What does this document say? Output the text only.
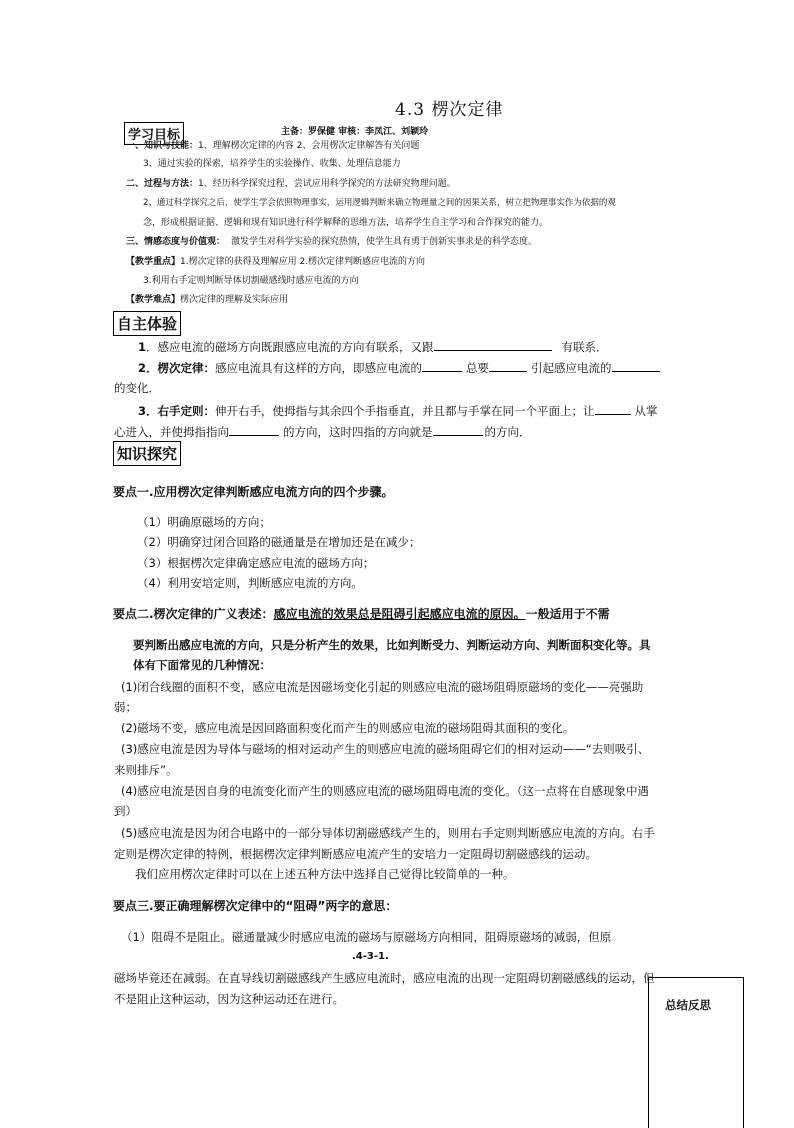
4.3 楞次定律
学习目标	主备：罗保健 审核：李凤江、刘颖玲
一、知识与技能：1、理解楞次定律的内容 2、会用楞次定律解答有关问题
3、通过实验的探索，培养学生的实验操作、收集、处理信息能力
二、过程与方法：1、经历科学探究过程，尝试应用科学探究的方法研究物理问题。
2、通过科学探究之后，使学生学会依照物理事实，运用逻辑判断来确立物理量之间的因果关系，树立把物理事实作为依据的观
念，形成根据证据、逻辑和现有知识进行科学解释的思维方法，培养学生自主学习和合作探究的能力。
三、情感态度与价值观： 激发学生对科学实验的探究热情，使学生具有勇于创新实事求是的科学态度。
【教学重点】1.楞次定律的获得及理解应用 2.楞次定律判断感应电流的方向
3.利用右手定则判断导体切割磁感线时感应电流的方向
【教学难点】楞次定律的理解及实际应用
自主体验
1．感应电流的磁场方向既跟感应电流的方向有联系，又跟	有联系．
2．楞次定律：感应电流具有这样的方向，即感应电流的	总要	引起感应电流的
的变化．
3．右手定则：伸开右手，使拇指与其余四个手指垂直，并且都与手掌在同一个平面上；让	从掌
心进入，并使拇指指向	的方向，这时四指的方向就是	的方向．
知识探究
要点一.应用楞次定律判断感应电流方向的四个步骤。
（1）明确原磁场的方向；
（2）明确穿过闭合回路的磁通量是在增加还是在减少；
（3）根据楞次定律确定感应电流的磁场方向；
（4）利用安培定则，判断感应电流的方向。
要点二.楞次定律的广义表述：感应电流的效果总是阻碍引起感应电流的原因。一般适用于不需
要判断出感应电流的方向，只是分析产生的效果，比如判断受力、判断运动方向、判断面积变化等。具
体有下面常见的几种情况：
(1)闭合线圈的面积不变，感应电流是因磁场变化引起的则感应电流的磁场阻碍原磁场的变化——亮强助
弱；
(2)磁场不变，感应电流是因回路面积变化而产生的则感应电流的磁场阻碍其面积的变化。
(3)感应电流是因为导体与磁场的相对运动产生的则感应电流的磁场阻碍它们的相对运动——“去则吸引、
来则排斥”。
(4)感应电流是因自身的电流变化而产生的则感应电流的磁场阻碍电流的变化。（这一点将在自感现象中遇
到）
(5)感应电流是因为闭合电路中的一部分导体切割磁感线产生的，则用右手定则判断感应电流的方向。右手
定则是楞次定律的特例，根据楞次定律判断感应电流产生的安培力一定阻碍切割磁感线的运动。
我们应用楞次定律时可以在上述五种方法中选择自己觉得比较简单的一种。
要点三.要正确理解楞次定律中的“阻碍”两字的意思：
（1）阻碍不是阻止。磁通量减少时感应电流的磁场与原磁场方向相同，阻碍原磁场的减弱，但原
.4-3-1.
磁场毕竟还在减弱。在直导线切割磁感线产生感应电流时，感应电流的出现一定阻碍切割磁感线的运动，但
不是阻止这种运动，因为这种运动还在进行。	总结反思
